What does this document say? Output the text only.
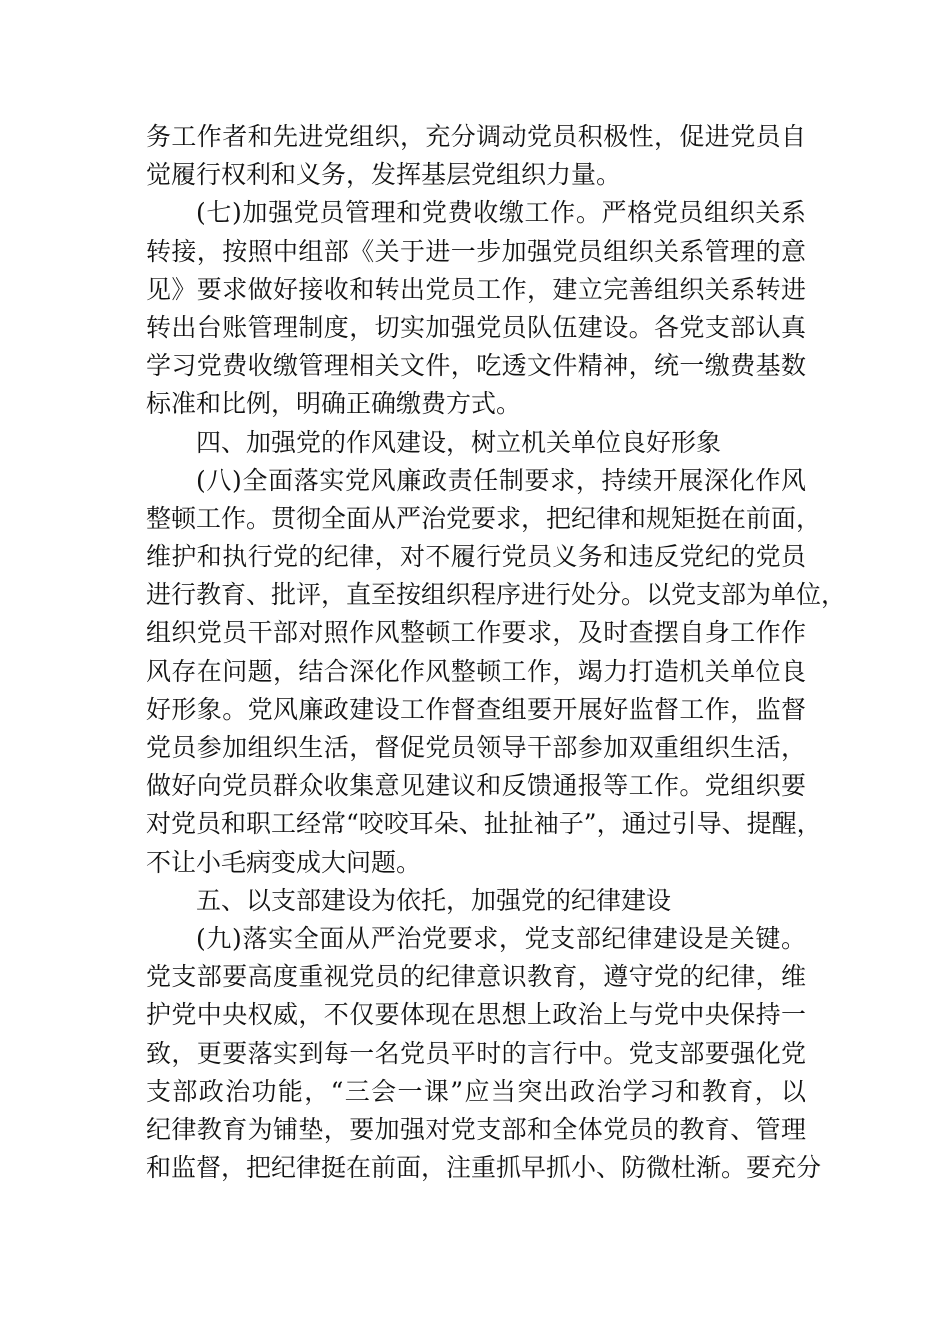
务工作者和先进党组织，充分调动党员积极性，促进党员自
觉履行权利和义务，发挥基层党组织力量。
(七)加强党员管理和党费收缴工作。严格党员组织关系
转接，按照中组部《关于进一步加强党员组织关系管理的意
见》要求做好接收和转出党员工作，建立完善组织关系转进
转出台账管理制度，切实加强党员队伍建设。各党支部认真
学习党费收缴管理相关文件，吃透文件精神，统一缴费基数
标准和比例，明确正确缴费方式。
四、加强党的作风建设，树立机关单位良好形象
(八)全面落实党风廉政责任制要求，持续开展深化作风
整顿工作。贯彻全面从严治党要求，把纪律和规矩挺在前面，
维护和执行党的纪律，对不履行党员义务和违反党纪的党员
进行教育、批评，直至按组织程序进行处分。以党支部为单位，
组织党员干部对照作风整顿工作要求，及时查摆自身工作作
风存在问题，结合深化作风整顿工作，竭力打造机关单位良
好形象。党风廉政建设工作督查组要开展好监督工作，监督
党员参加组织生活，督促党员领导干部参加双重组织生活，
做好向党员群众收集意见建议和反馈通报等工作。党组织要
对党员和职工经常“咬咬耳朵、扯扯袖子”，通过引导、提醒，
不让小毛病变成大问题。
五、以支部建设为依托，加强党的纪律建设
(九)落实全面从严治党要求，党支部纪律建设是关键。
党支部要高度重视党员的纪律意识教育，遵守党的纪律，维
护党中央权威，不仅要体现在思想上政治上与党中央保持一
致，更要落实到每一名党员平时的言行中。党支部要强化党
支部政治功能，“三会一课”应当突出政治学习和教育，以
纪律教育为铺垫，要加强对党支部和全体党员的教育、管理
和监督，把纪律挺在前面，注重抓早抓小、防微杜渐。要充分
